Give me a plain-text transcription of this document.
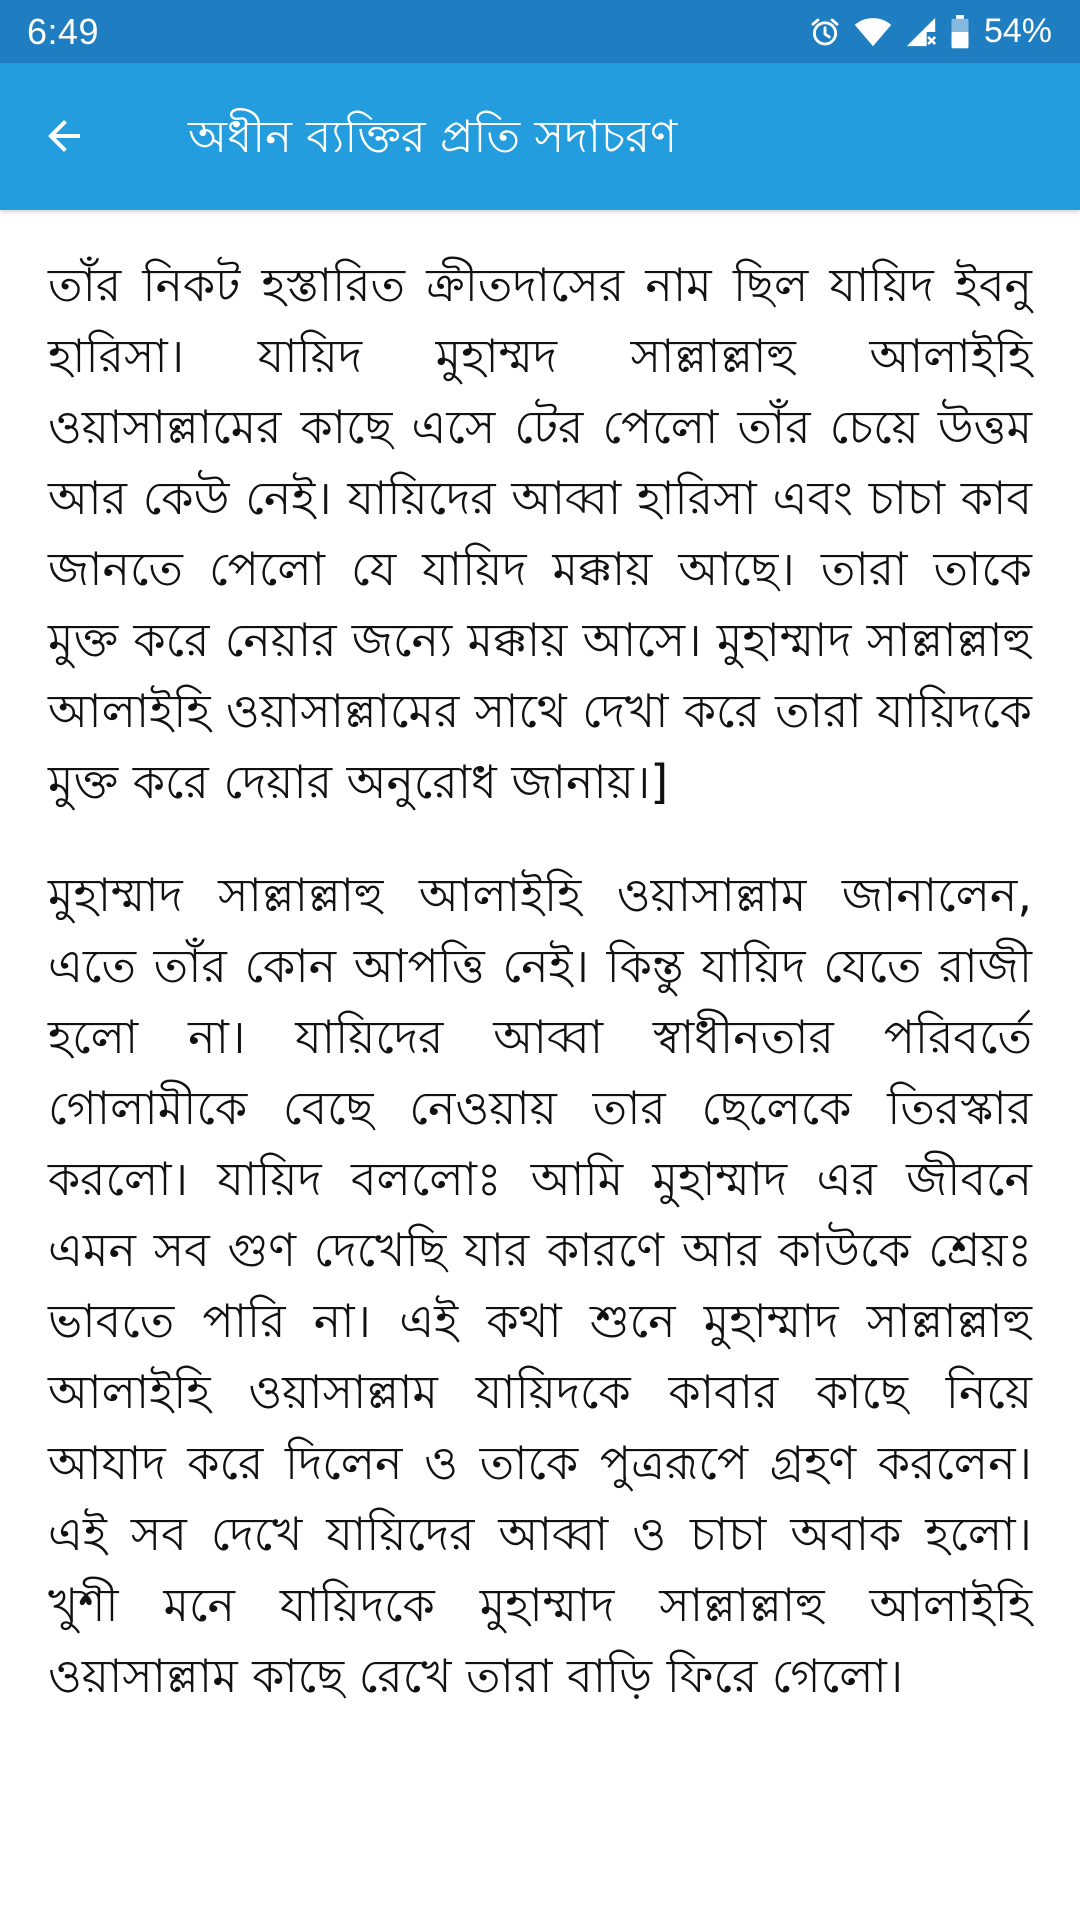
6:49	54%
অধীন ব্যক্তির প্রতি সদাচরণ

তাঁর নিকট হস্তারিত ক্রীতদাসের নাম ছিল যায়িদ ইবনু হারিসা। যায়িদ মুহাম্মদ সাল্লাল্লাহু আলাইহি ওয়াসাল্লামের কাছে এসে টের পেলো তাঁর চেয়ে উত্তম আর কেউ নেই। যায়িদের আব্বা হারিসা এবং চাচা কাব জানতে পেলো যে যায়িদ মক্কায় আছে। তারা তাকে মুক্ত করে নেয়ার জন্যে মক্কায় আসে। মুহাম্মাদ সাল্লাল্লাহু আলাইহি ওয়াসাল্লামের সাথে দেখা করে তারা যায়িদকে মুক্ত করে দেয়ার অনুরোধ জানায়।]

মুহাম্মাদ সাল্লাল্লাহু আলাইহি ওয়াসাল্লাম জানালেন, এতে তাঁর কোন আপত্তি নেই। কিন্তু যায়িদ যেতে রাজী হলো না। যায়িদের আব্বা স্বাধীনতার পরিবর্তে গোলামীকে বেছে নেওয়ায় তার ছেলেকে তিরস্কার করলো। যায়িদ বললোঃ আমি মুহাম্মাদ এর জীবনে এমন সব গুণ দেখেছি যার কারণে আর কাউকে শ্রেয়ঃ ভাবতে পারি না। এই কথা শুনে মুহাম্মাদ সাল্লাল্লাহু আলাইহি ওয়াসাল্লাম যায়িদকে কাবার কাছে নিয়ে আযাদ করে দিলেন ও তাকে পুত্ররূপে গ্রহণ করলেন। এই সব দেখে যায়িদের আব্বা ও চাচা অবাক হলো। খুশী মনে যায়িদকে মুহাম্মাদ সাল্লাল্লাহু আলাইহি ওয়াসাল্লাম কাছে রেখে তারা বাড়ি ফিরে গেলো।
